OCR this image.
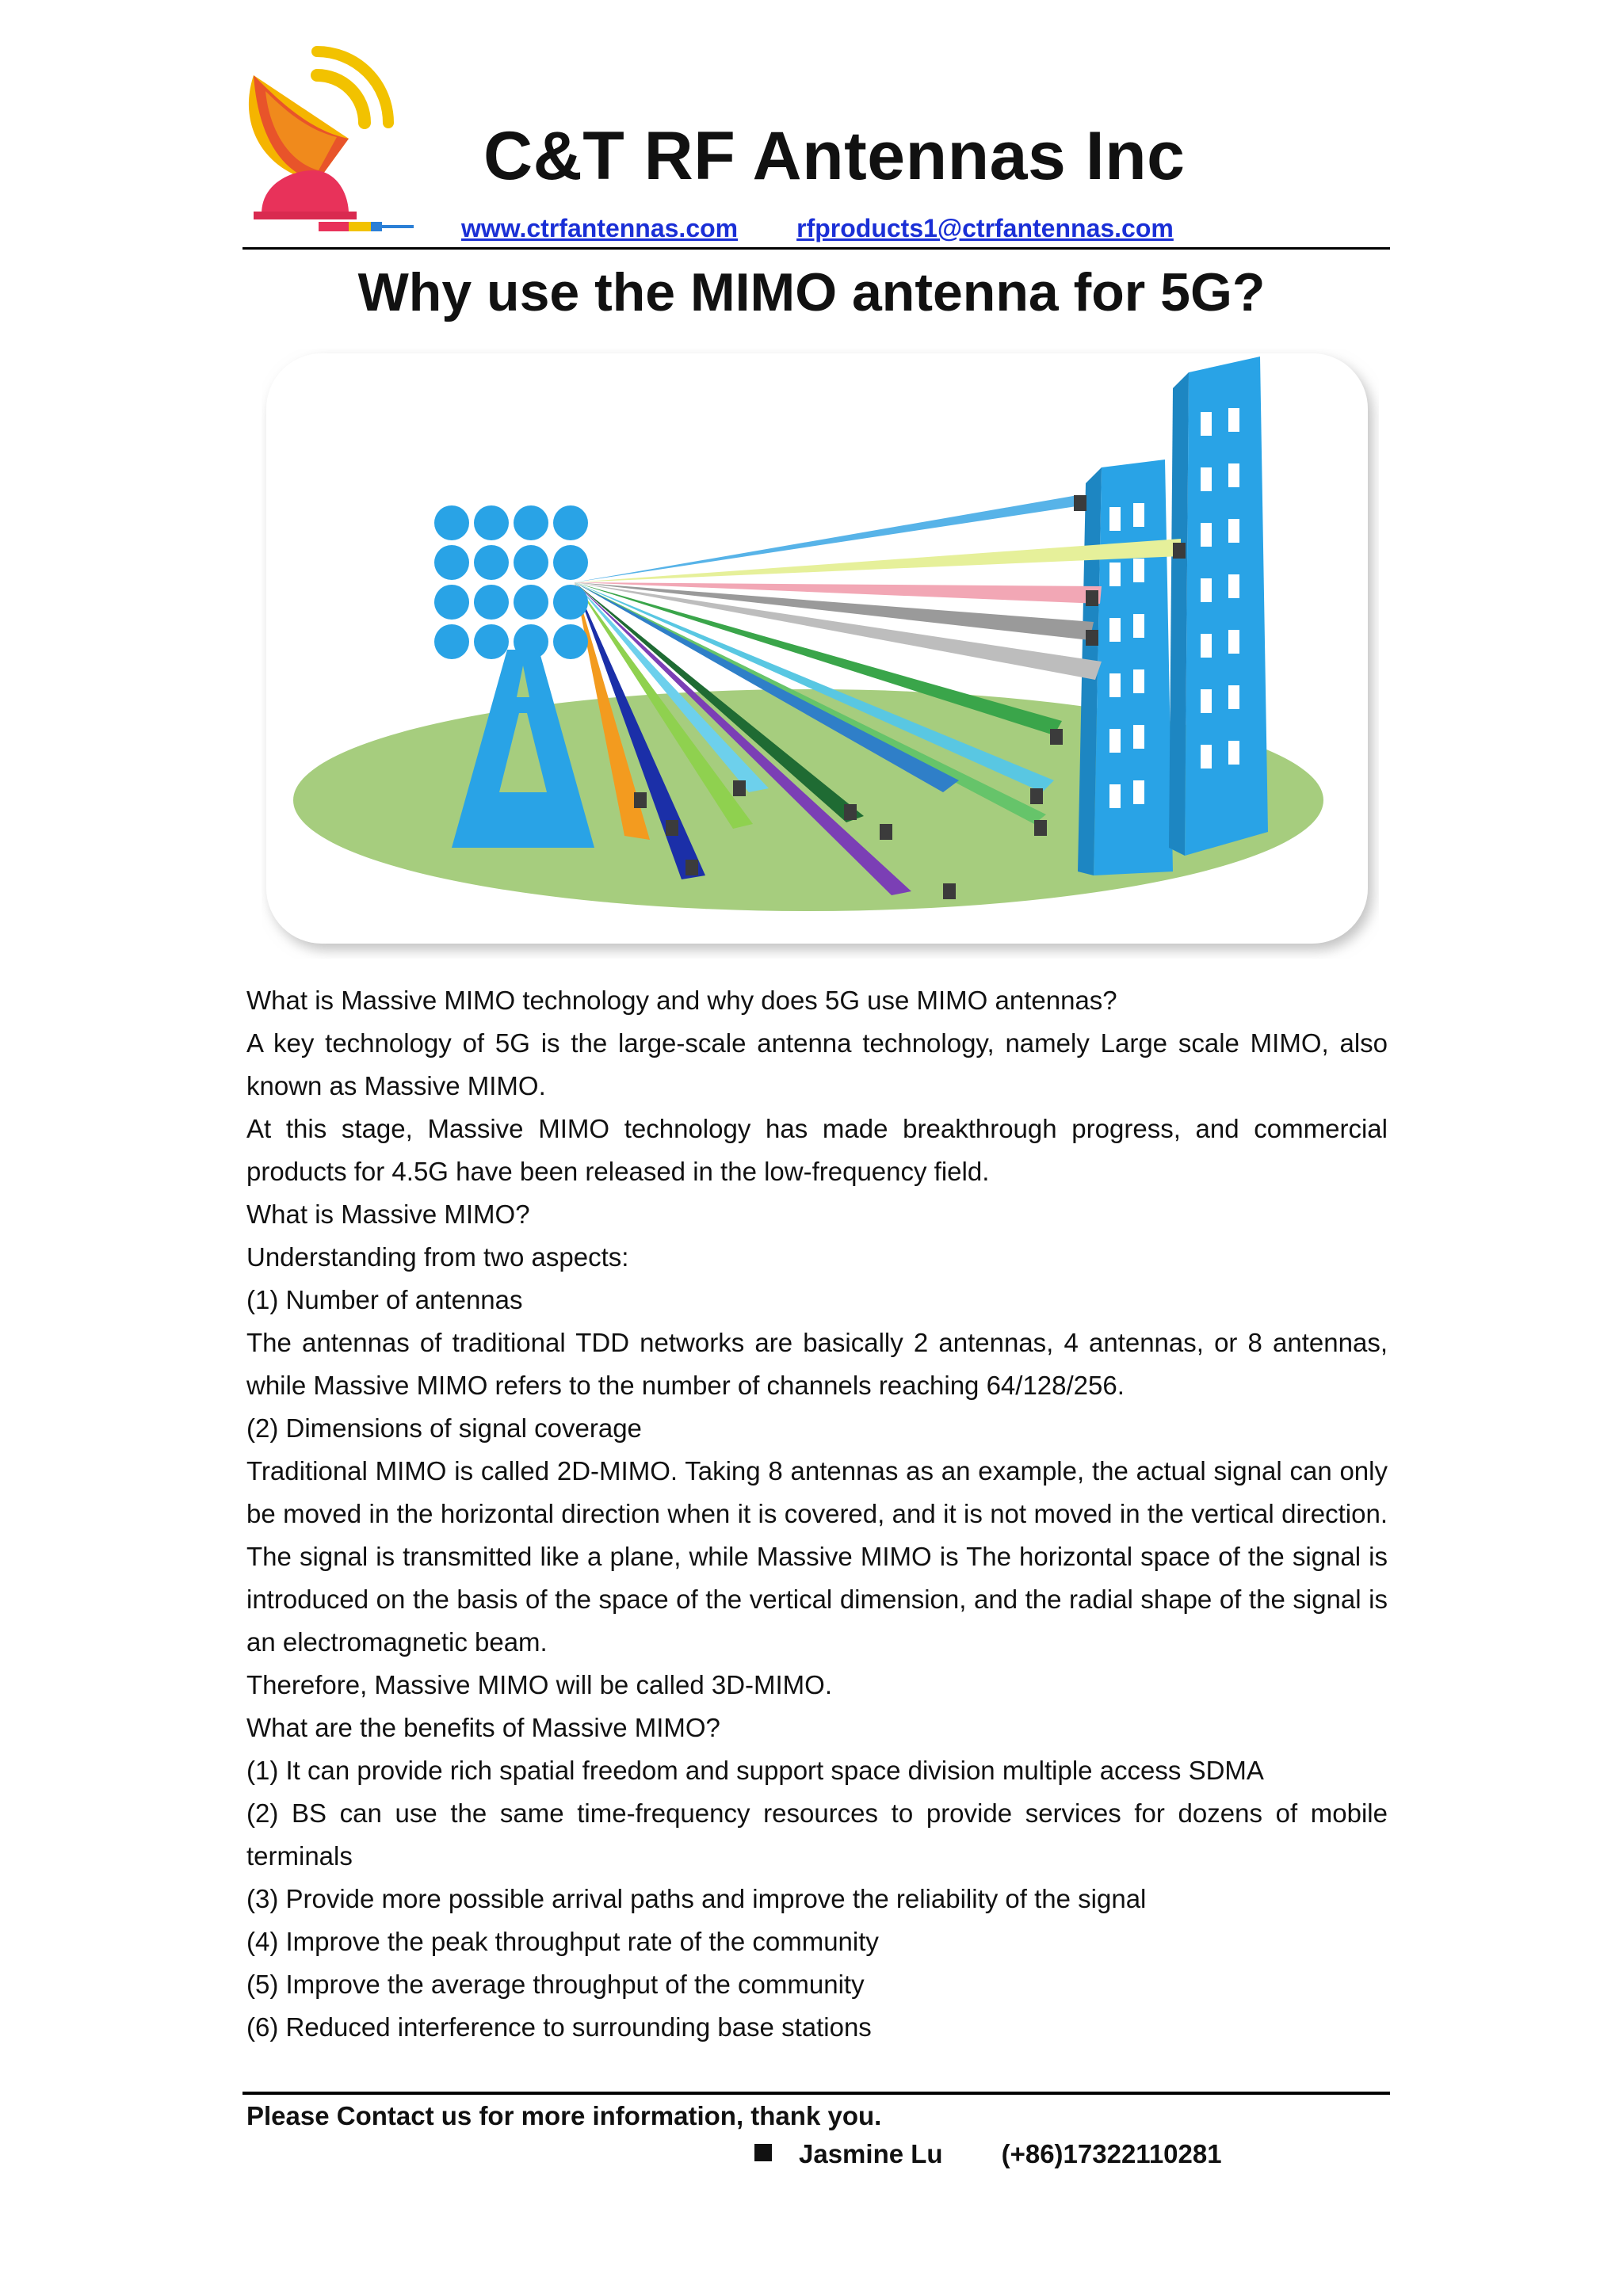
C&T RF Antennas Inc
www.ctrfantennas.com rfproducts1@ctrfantennas.com
Why use the MIMO antenna for 5G?

What is Massive MIMO technology and why does 5G use MIMO antennas?

A key technology of 5G is the large-scale antenna technology, namely Large scale MIMO, also known as Massive MIMO.

At this stage, Massive MIMO technology has made breakthrough progress, and commercial products for 4.5G have been released in the low-frequency field.

What is Massive MIMO?

Understanding from two aspects:

(1) Number of antennas

The antennas of traditional TDD networks are basically 2 antennas, 4 antennas, or 8 antennas, while Massive MIMO refers to the number of channels reaching 64/128/256.

(2) Dimensions of signal coverage

Traditional MIMO is called 2D-MIMO. Taking 8 antennas as an example, the actual signal can only be moved in the horizontal direction when it is covered, and it is not moved in the vertical direction. The signal is transmitted like a plane, while Massive MIMO is The horizontal space of the signal is introduced on the basis of the space of the vertical dimension, and the radial shape of the signal is an electromagnetic beam.

Therefore, Massive MIMO will be called 3D-MIMO.

What are the benefits of Massive MIMO?

(1) It can provide rich spatial freedom and support space division multiple access SDMA

(2) BS can use the same time-frequency resources to provide services for dozens of mobile terminals

(3) Provide more possible arrival paths and improve the reliability of the signal

(4) Improve the peak throughput rate of the community

(5) Improve the average throughput of the community

(6) Reduced interference to surrounding base stations

Please Contact us for more information, thank you.
Jasmine Lu (+86)17322110281
